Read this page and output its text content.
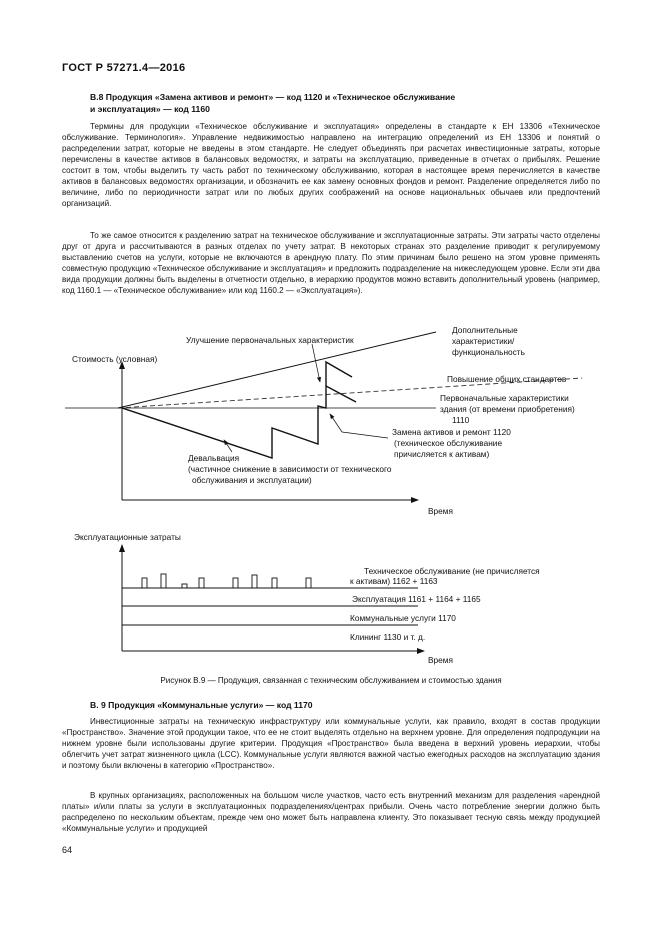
ГОСТ Р 57271.4—2016
В.8 Продукция «Замена активов и ремонт» — код 1120 и «Техническое обслуживание
и эксплуатация» — код 1160

Термины для продукции «Техническое обслуживание и эксплуатация» определены в стандарте к ЕН 13306 «Техническое обслуживание. Терминология». Управление недвижимостью направлено на интеграцию определений из ЕН 13306 и понятий о распределении затрат, которые не введены в этом стандарте. Не следует объединять при расчетах инвестиционные затраты, которые перечислены в качестве активов в балансовых ведомостях, и затраты на эксплуатацию, приведенные в отчетах о прибылях. Решение состоит в том, чтобы выделить ту часть работ по техническому обслуживанию, которая в настоящее время перечисляется в качестве активов в балансовых ведомостях организации, и обозначить ее как замену основных фондов и ремонт. Разделение определяется либо по величине, либо по периодичности затрат или по любых других соображений на основе национальных обычаев или предпочтений организаций.

То же самое относится к разделению затрат на техническое обслуживание и эксплуатационные затраты. Эти затраты часто отделены друг от друга и рассчитываются в разных отделах по учету затрат. В некоторых странах это разделение приводит к регулируемому выставлению счетов на услуги, которые не включаются в арендную плату. По этим причинам было решено на этом уровне применять совместную продукцию «Техническое обслуживание и эксплуатация» и предложить подразделение на нижеследующем уровне. Если эти два вида продукции должны быть выделены в отчетности отдельно, в иерархию продуктов можно вставить дополнительный уровень (например, код 1160.1 — «Техническое обслуживание» или код 1160.2 — «Эксплуатация»).

Стоимость (условная)
Время
Улучшение первоначальных характеристик
Дополнительные
характеристики/
функциональность
Повышение общих стандартов
Первоначальные характеристики
здания (от времени приобретения)
1110
Замена активов и ремонт 1120
(техническое обслуживание
причисляется к активам)
Девальвация
(частичное снижение в зависимости от технического
обслуживания и эксплуатации)
Эксплуатационные затраты
Время
Техническое обслуживание (не причисляется
к активам) 1162 + 1163
Эксплуатация 1161 + 1164 + 1165
Коммунальные услуги 1170
Клининг 1130 и т. д.
Рисунок В.9 — Продукция, связанная с техническим обслуживанием и стоимостью здания
В. 9 Продукция «Коммунальные услуги» — код 1170

Инвестиционные затраты на техническую инфраструктуру или коммунальные услуги, как правило, входят в состав продукции «Пространство». Значение этой продукции такое, что ее не стоит выделять отдельно на верхнем уровне. Для определения подпродукции на нижнем уровне были использованы другие критерии. Продукция «Пространство» была введена в верхний уровень иерархии, чтобы облегчить учет затрат жизненного цикла (LCC). Коммунальные услуги являются важной частью ежегодных расходов на эксплуатацию здания и поэтому были включены в категорию «Пространство».

В крупных организациях, расположенных на большом числе участков, часто есть внутренний механизм для разделения «арендной платы» и/или платы за услуги в эксплуатационных подразделениях/центрах прибыли. Очень часто потребление энергии должно быть распределено по нескольким объектам, прежде чем оно может быть направлена клиенту. Это показывает тесную связь между продукцией «Коммунальные услуги» и продукцией

64
